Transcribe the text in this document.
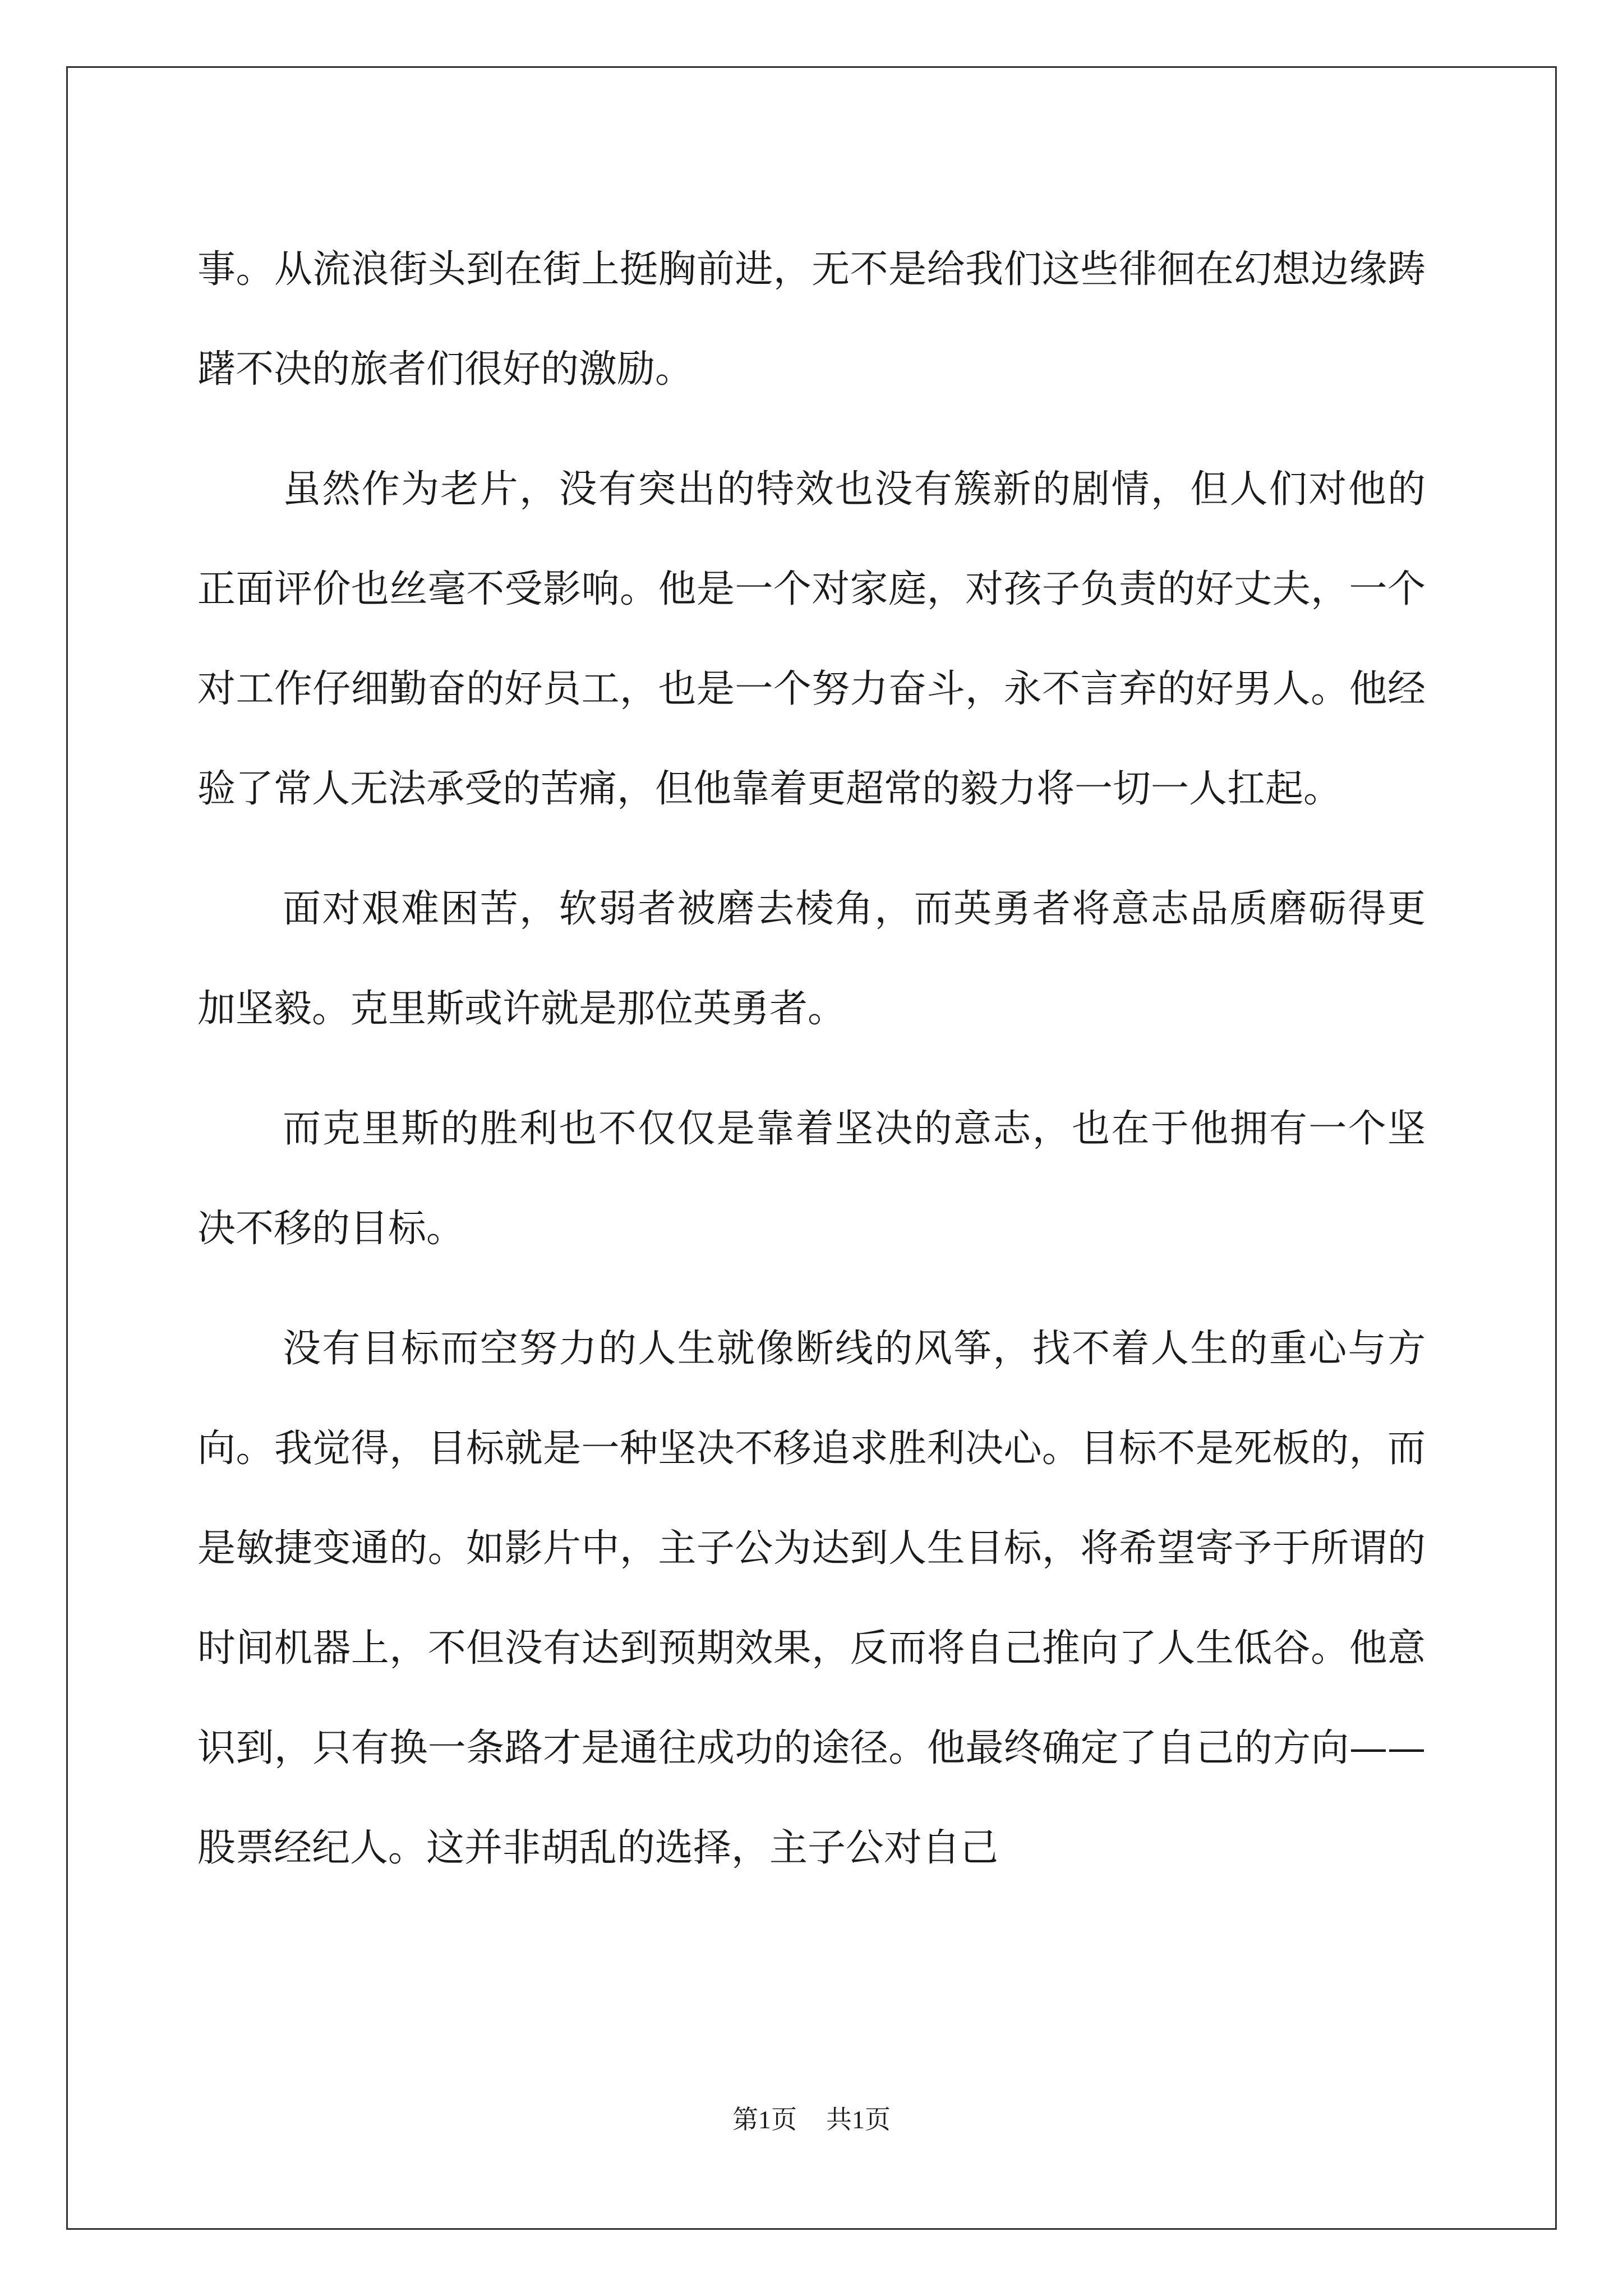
事。从流浪街头到在街上挺胸前进，无不是给我们这些徘徊在幻想边缘踌躇不决的旅者们很好的激励。

虽然作为老片，没有突出的特效也没有簇新的剧情，但人们对他的正面评价也丝毫不受影响。他是一个对家庭，对孩子负责的好丈夫，一个对工作仔细勤奋的好员工，也是一个努力奋斗，永不言弃的好男人。他经验了常人无法承受的苦痛，但他靠着更超常的毅力将一切一人扛起。

面对艰难困苦，软弱者被磨去棱角，而英勇者将意志品质磨砺得更加坚毅。克里斯或许就是那位英勇者。

而克里斯的胜利也不仅仅是靠着坚决的意志，也在于他拥有一个坚决不移的目标。

没有目标而空努力的人生就像断线的风筝，找不着人生的重心与方向。我觉得，目标就是一种坚决不移追求胜利决心。目标不是死板的，而是敏捷变通的。如影片中，主子公为达到人生目标，将希望寄予于所谓的时间机器上，不但没有达到预期效果，反而将自己推向了人生低谷。他意识到，只有换一条路才是通往成功的途径。他最终确定了自己的方向——股票经纪人。这并非胡乱的选择，主子公对自己

第1页 共1页
